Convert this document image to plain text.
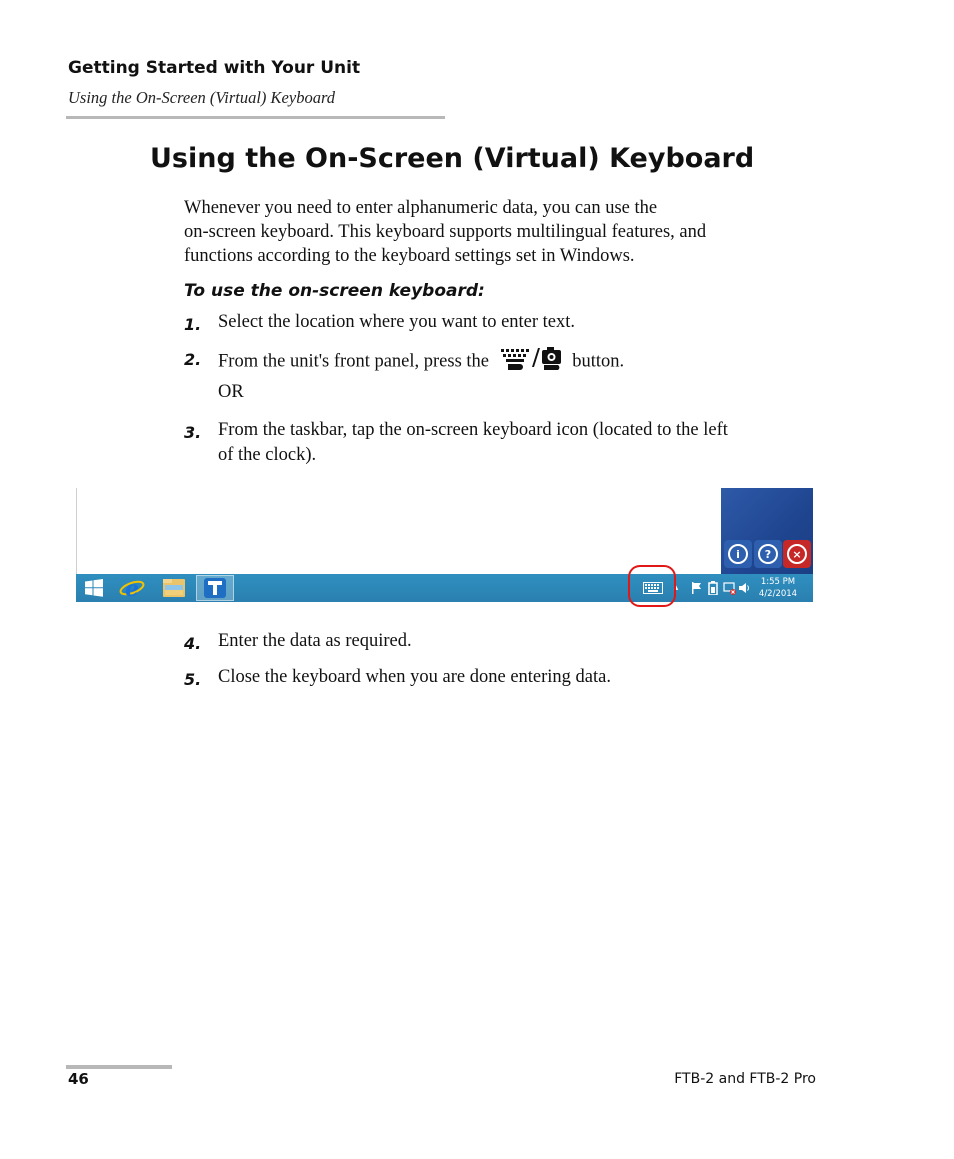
Getting Started with Your Unit
Using the On-Screen (Virtual) Keyboard
Using the On-Screen (Virtual) Keyboard
Whenever you need to enter alphanumeric data, you can use the
on-screen keyboard. This keyboard supports multilingual features, and
functions according to the keyboard settings set in Windows.
To use the on-screen keyboard:
1. Select the location where you want to enter text.
2. From the unit's front panel, press the	button.
OR
3. From the taskbar, tap the on-screen keyboard icon (located to the left
of the clock).
i	?	×
e	▴
1:55 PM
4/2/2014
4. Enter the data as required.
5. Close the keyboard when you are done entering data.
46	FTB-2 and FTB-2 Pro
